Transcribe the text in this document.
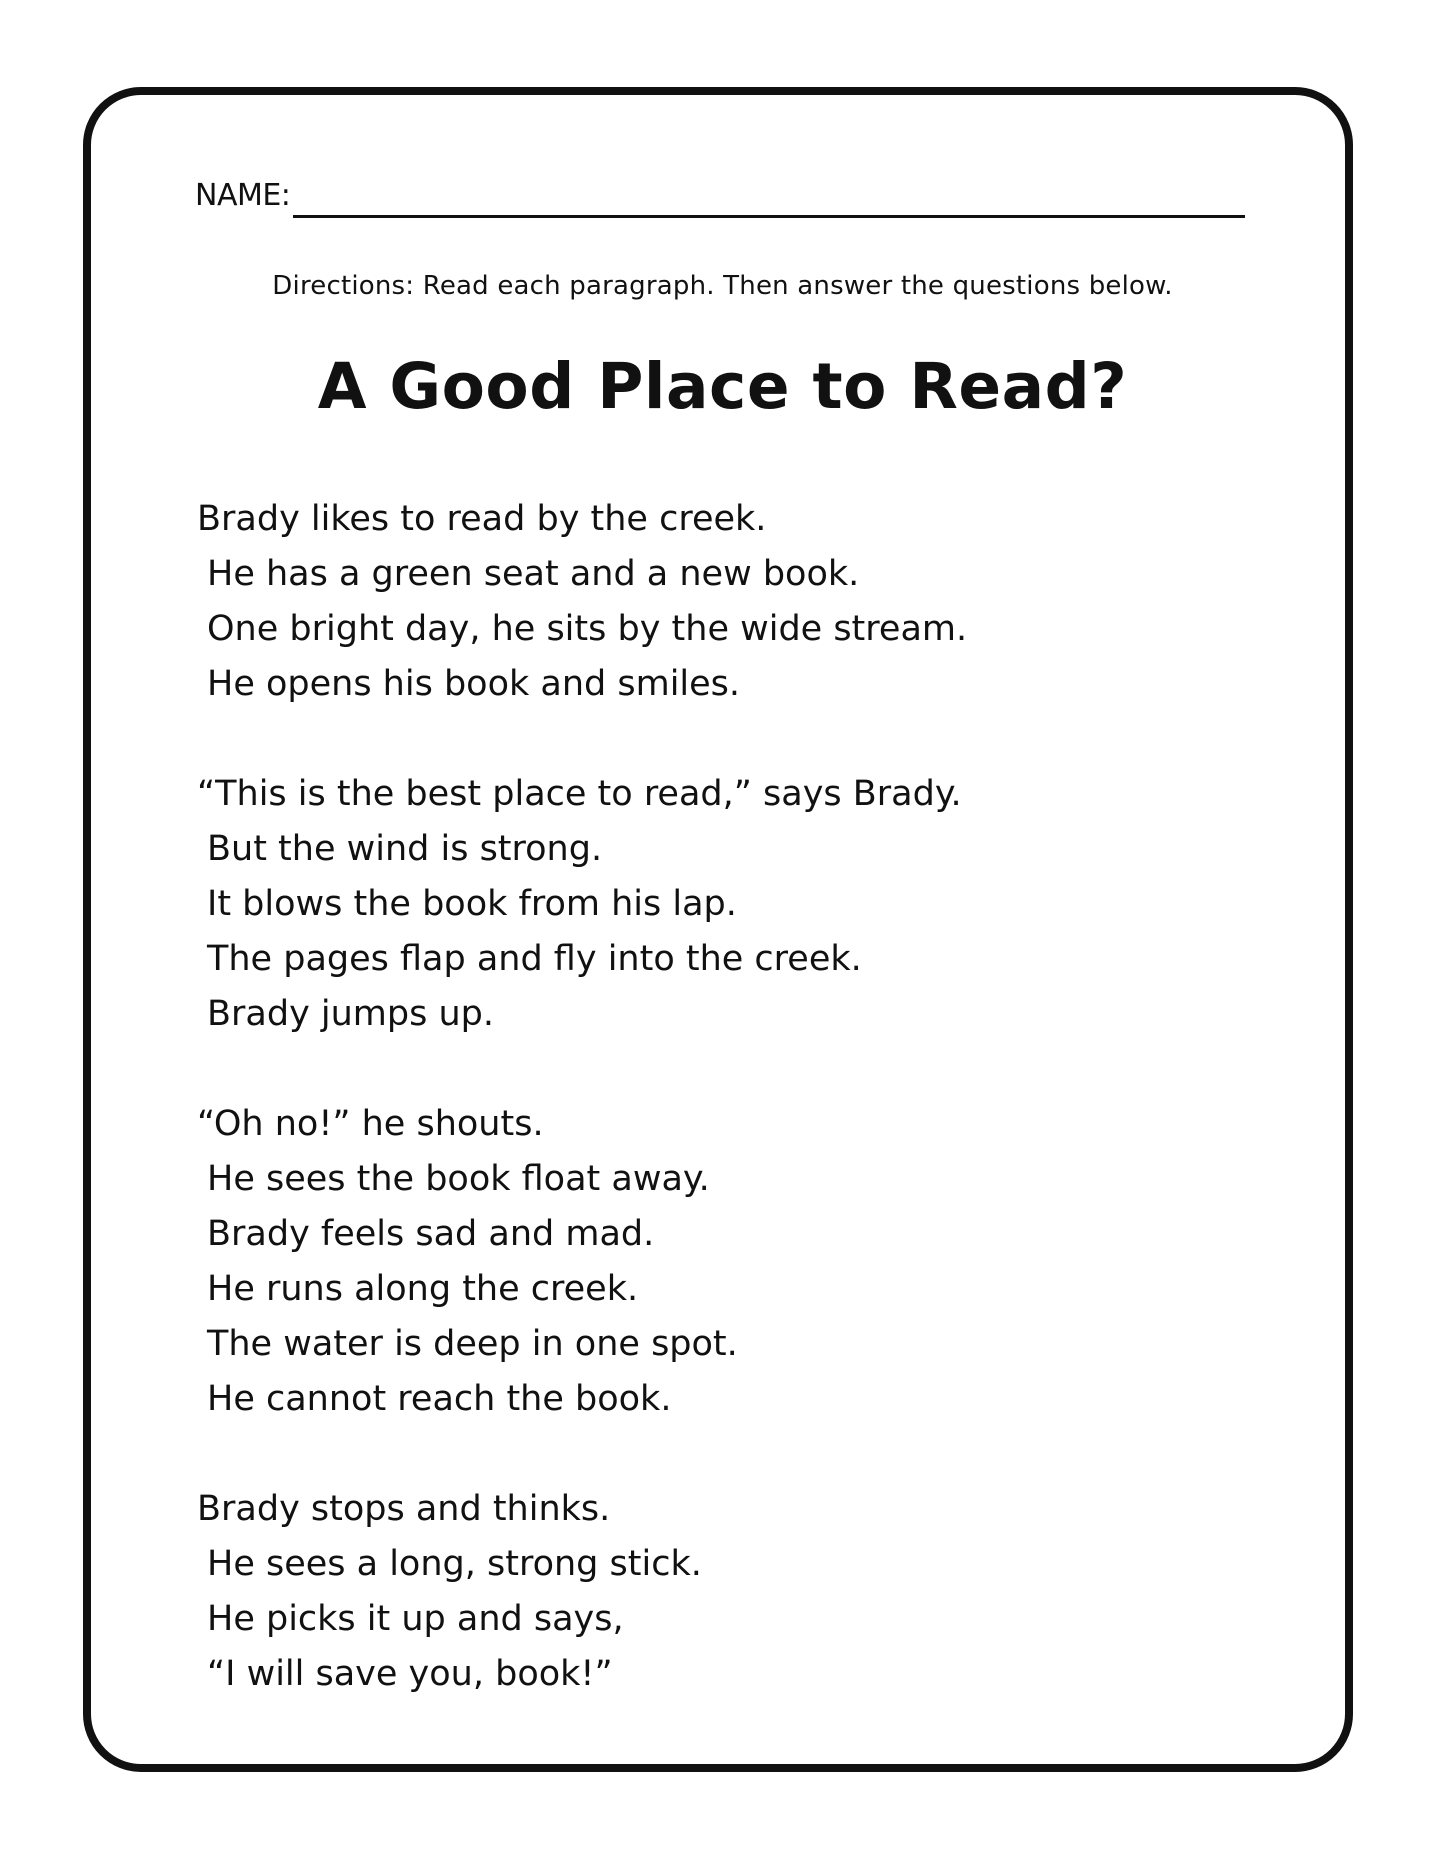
NAME:
Directions: Read each paragraph. Then answer the questions below.
A Good Place to Read?
Brady likes to read by the creek.
He has a green seat and a new book.
One bright day, he sits by the wide stream.
He opens his book and smiles.
“This is the best place to read,” says Brady.
But the wind is strong.
It blows the book from his lap.
The pages flap and fly into the creek.
Brady jumps up.
“Oh no!” he shouts.
He sees the book float away.
Brady feels sad and mad.
He runs along the creek.
The water is deep in one spot.
He cannot reach the book.
Brady stops and thinks.
He sees a long, strong stick.
He picks it up and says,
“I will save you, book!”
